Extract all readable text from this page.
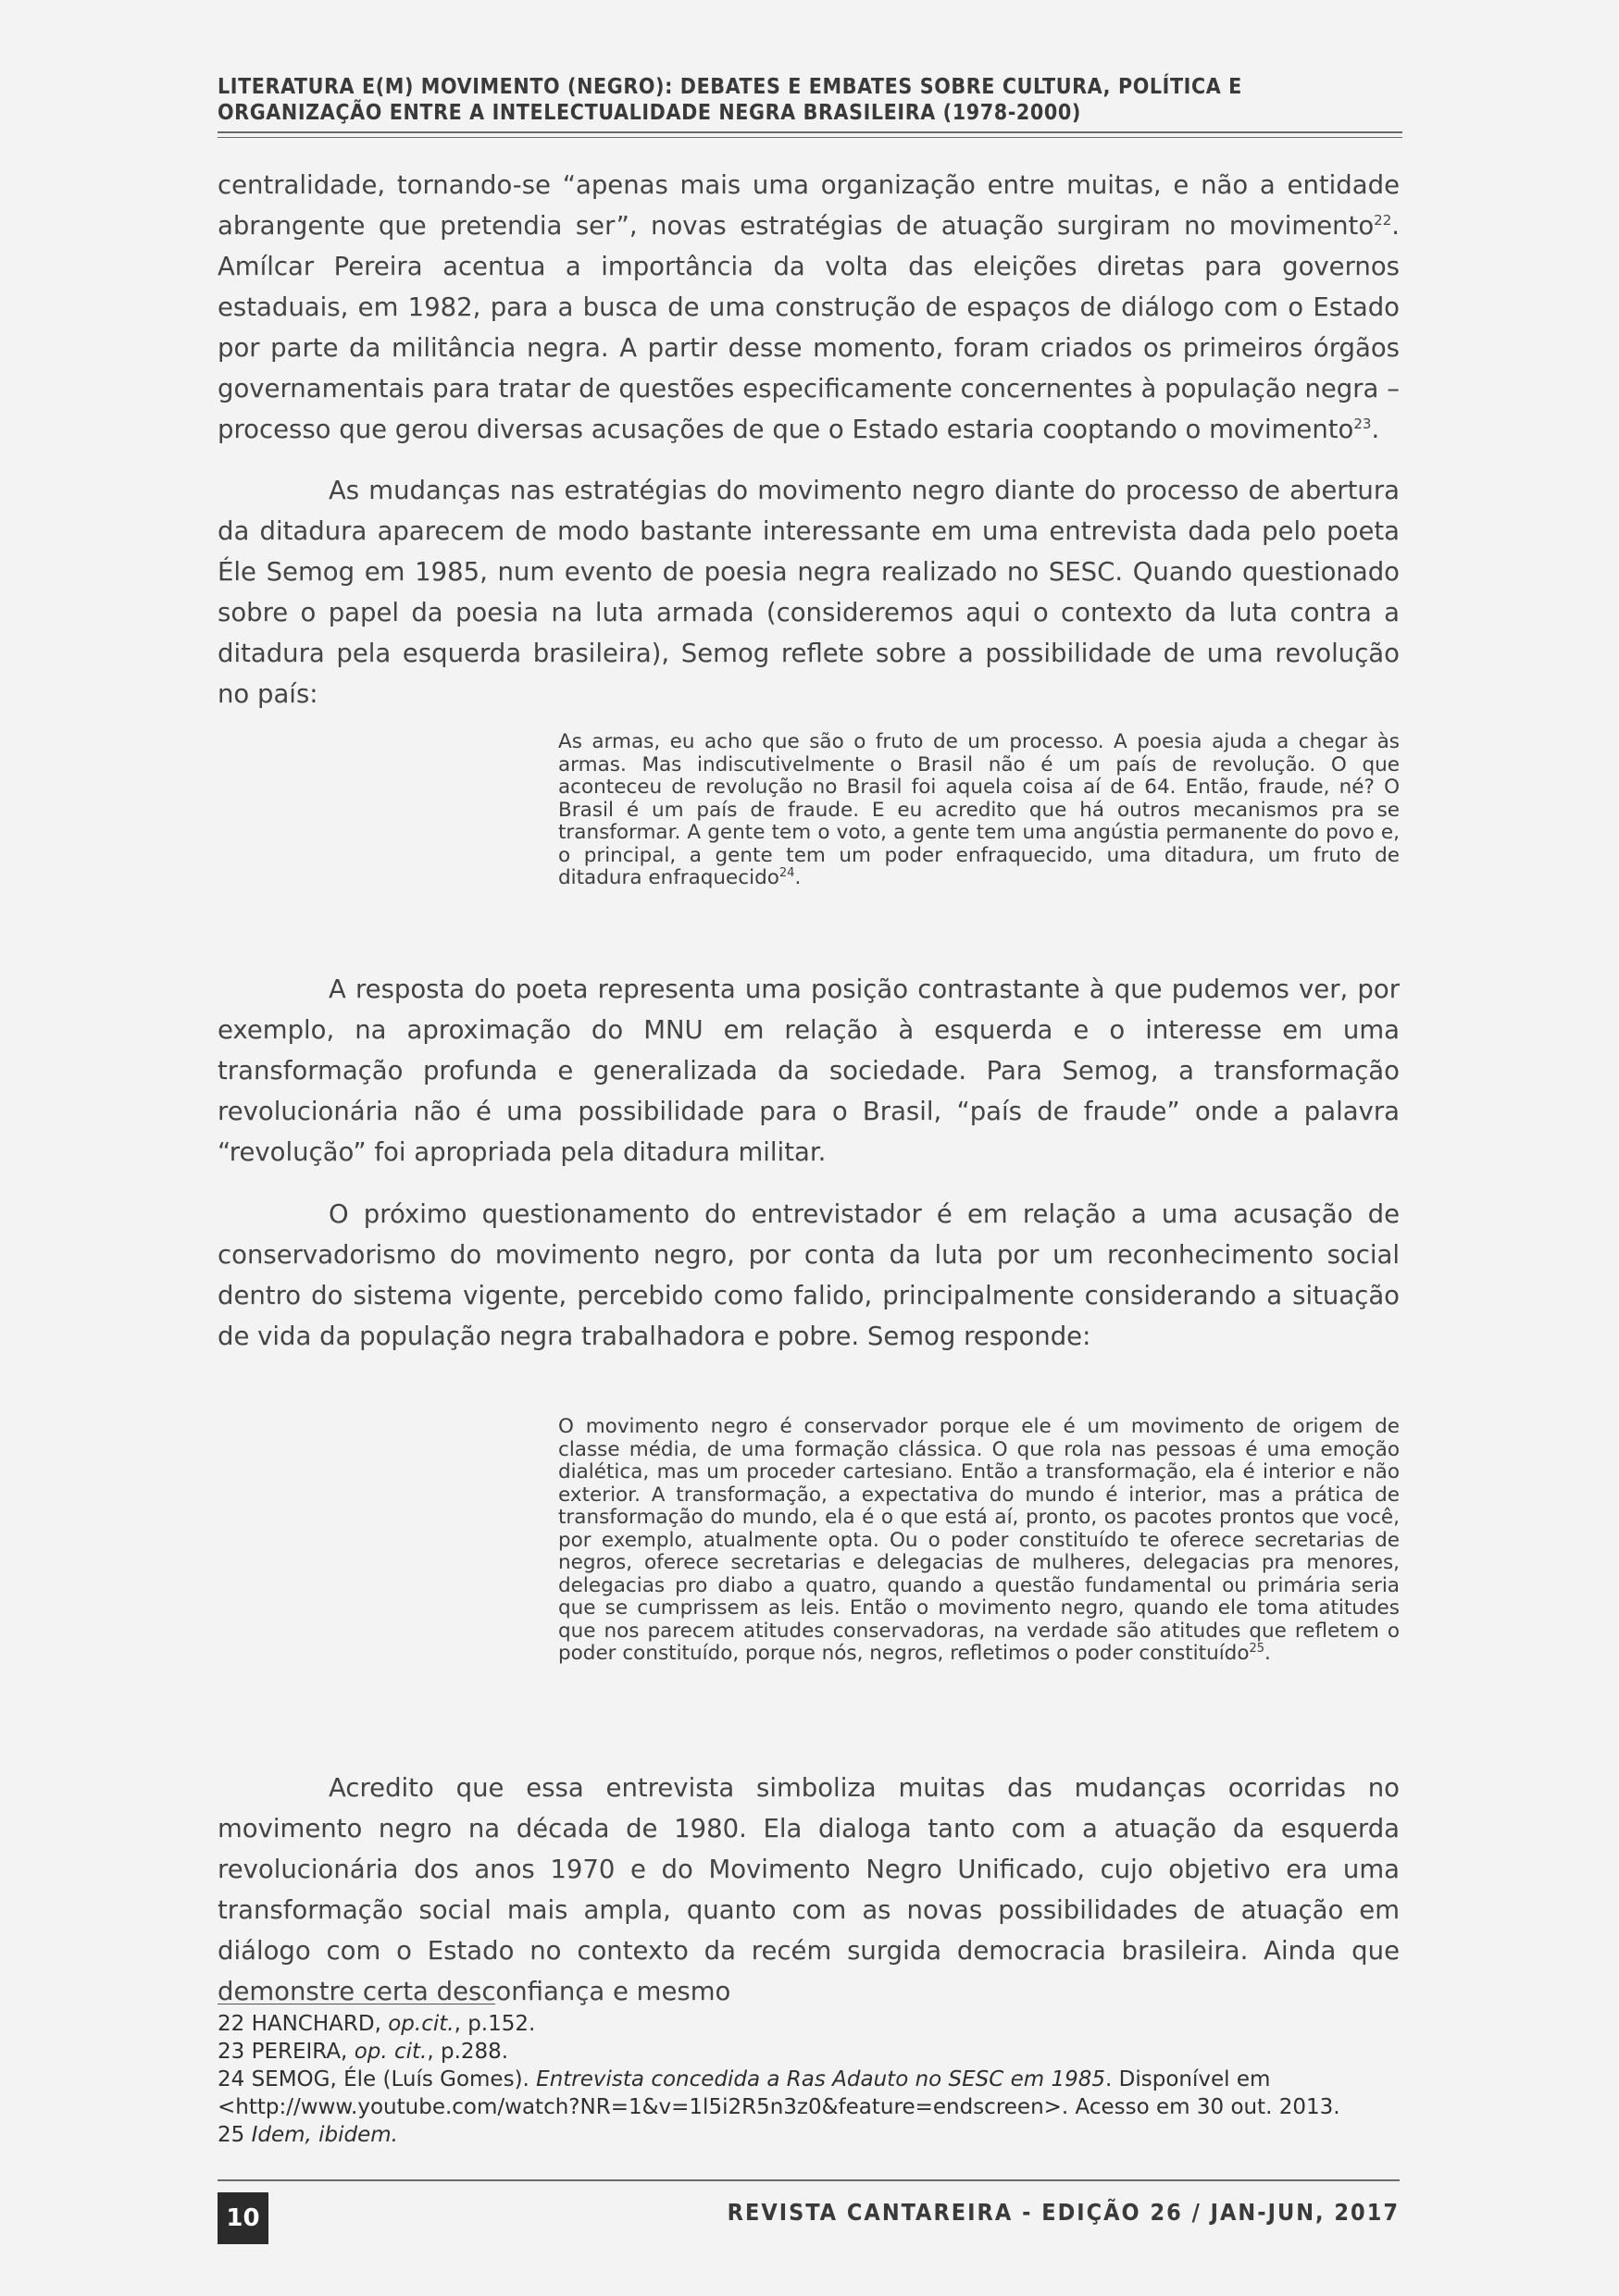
LITERATURA E(M) MOVIMENTO (NEGRO): DEBATES E EMBATES SOBRE CULTURA, POLÍTICA E

ORGANIZAÇÃO ENTRE A INTELECTUALIDADE NEGRA BRASILEIRA (1978-2000)

centralidade, tornando-se “apenas mais uma organização entre muitas, e não a entidade abrangente que pretendia ser”, novas estratégias de atuação surgiram no movimento$^{22}$. Amílcar Pereira acentua a importância da volta das eleições diretas para governos estaduais, em 1982, para a busca de uma construção de espaços de diálogo com o Estado por parte da militância negra. A partir desse momento, foram criados os primeiros órgãos governamentais para tratar de questões especificamente concernentes à população negra – processo que gerou diversas acusações de que o Estado estaria cooptando o movimento$^{23}$.

As mudanças nas estratégias do movimento negro diante do processo de abertura da ditadura aparecem de modo bastante interessante em uma entrevista dada pelo poeta Éle Semog em 1985, num evento de poesia negra realizado no SESC. Quando questionado sobre o papel da poesia na luta armada (consideremos aqui o contexto da luta contra a ditadura pela esquerda brasileira), Semog reflete sobre a possibilidade de uma revolução no país:

As armas, eu acho que são o fruto de um processo. A poesia ajuda a chegar às armas. Mas indiscutivelmente o Brasil não é um país de revolução. O que aconteceu de revolução no Brasil foi aquela coisa aí de 64. Então, fraude, né? O Brasil é um país de fraude. E eu acredito que há outros mecanismos pra se transformar. A gente tem o voto, a gente tem uma angústia permanente do povo e, o principal, a gente tem um poder enfraquecido, uma ditadura, um fruto de ditadura enfraquecido$^{24}$.

A resposta do poeta representa uma posição contrastante à que pudemos ver, por exemplo, na aproximação do MNU em relação à esquerda e o interesse em uma transformação profunda e generalizada da sociedade. Para Semog, a transformação revolucionária não é uma possibilidade para o Brasil, “país de fraude” onde a palavra “revolução” foi apropriada pela ditadura militar.

O próximo questionamento do entrevistador é em relação a uma acusação de conservadorismo do movimento negro, por conta da luta por um reconhecimento social dentro do sistema vigente, percebido como falido, principalmente considerando a situação de vida da população negra trabalhadora e pobre. Semog responde:

O movimento negro é conservador porque ele é um movimento de origem de classe média, de uma formação clássica. O que rola nas pessoas é uma emoção dialética, mas um proceder cartesiano. Então a transformação, ela é interior e não exterior. A transformação, a expectativa do mundo é interior, mas a prática de transformação do mundo, ela é o que está aí, pronto, os pacotes prontos que você, por exemplo, atualmente opta. Ou o poder constituído te oferece secretarias de negros, oferece secretarias e delegacias de mulheres, delegacias pra menores, delegacias pro diabo a quatro, quando a questão fundamental ou primária seria que se cumprissem as leis. Então o movimento negro, quando ele toma atitudes que nos parecem atitudes conservadoras, na verdade são atitudes que refletem o poder constituído, porque nós, negros, refletimos o poder constituído$^{25}$.

Acredito que essa entrevista simboliza muitas das mudanças ocorridas no movimento negro na década de 1980. Ela dialoga tanto com a atuação da esquerda revolucionária dos anos 1970 e do Movimento Negro Unificado, cujo objetivo era uma transformação social mais ampla, quanto com as novas possibilidades de atuação em diálogo com o Estado no contexto da recém surgida democracia brasileira. Ainda que demonstre certa desconfiança e mesmo

22 HANCHARD, op.cit., p.152.

23 PEREIRA, op. cit., p.288.

24 SEMOG, Éle (Luís Gomes). Entrevista concedida a Ras Adauto no SESC em 1985. Disponível em <http://www.youtube.com/watch?NR=1&v=1l5i2R5n3z0&feature=endscreen>. Acesso em 30 out. 2013.

25 Idem, ibidem.

10	REVISTA CANTAREIRA - EDIÇÃO 26 / JAN-JUN, 2017
